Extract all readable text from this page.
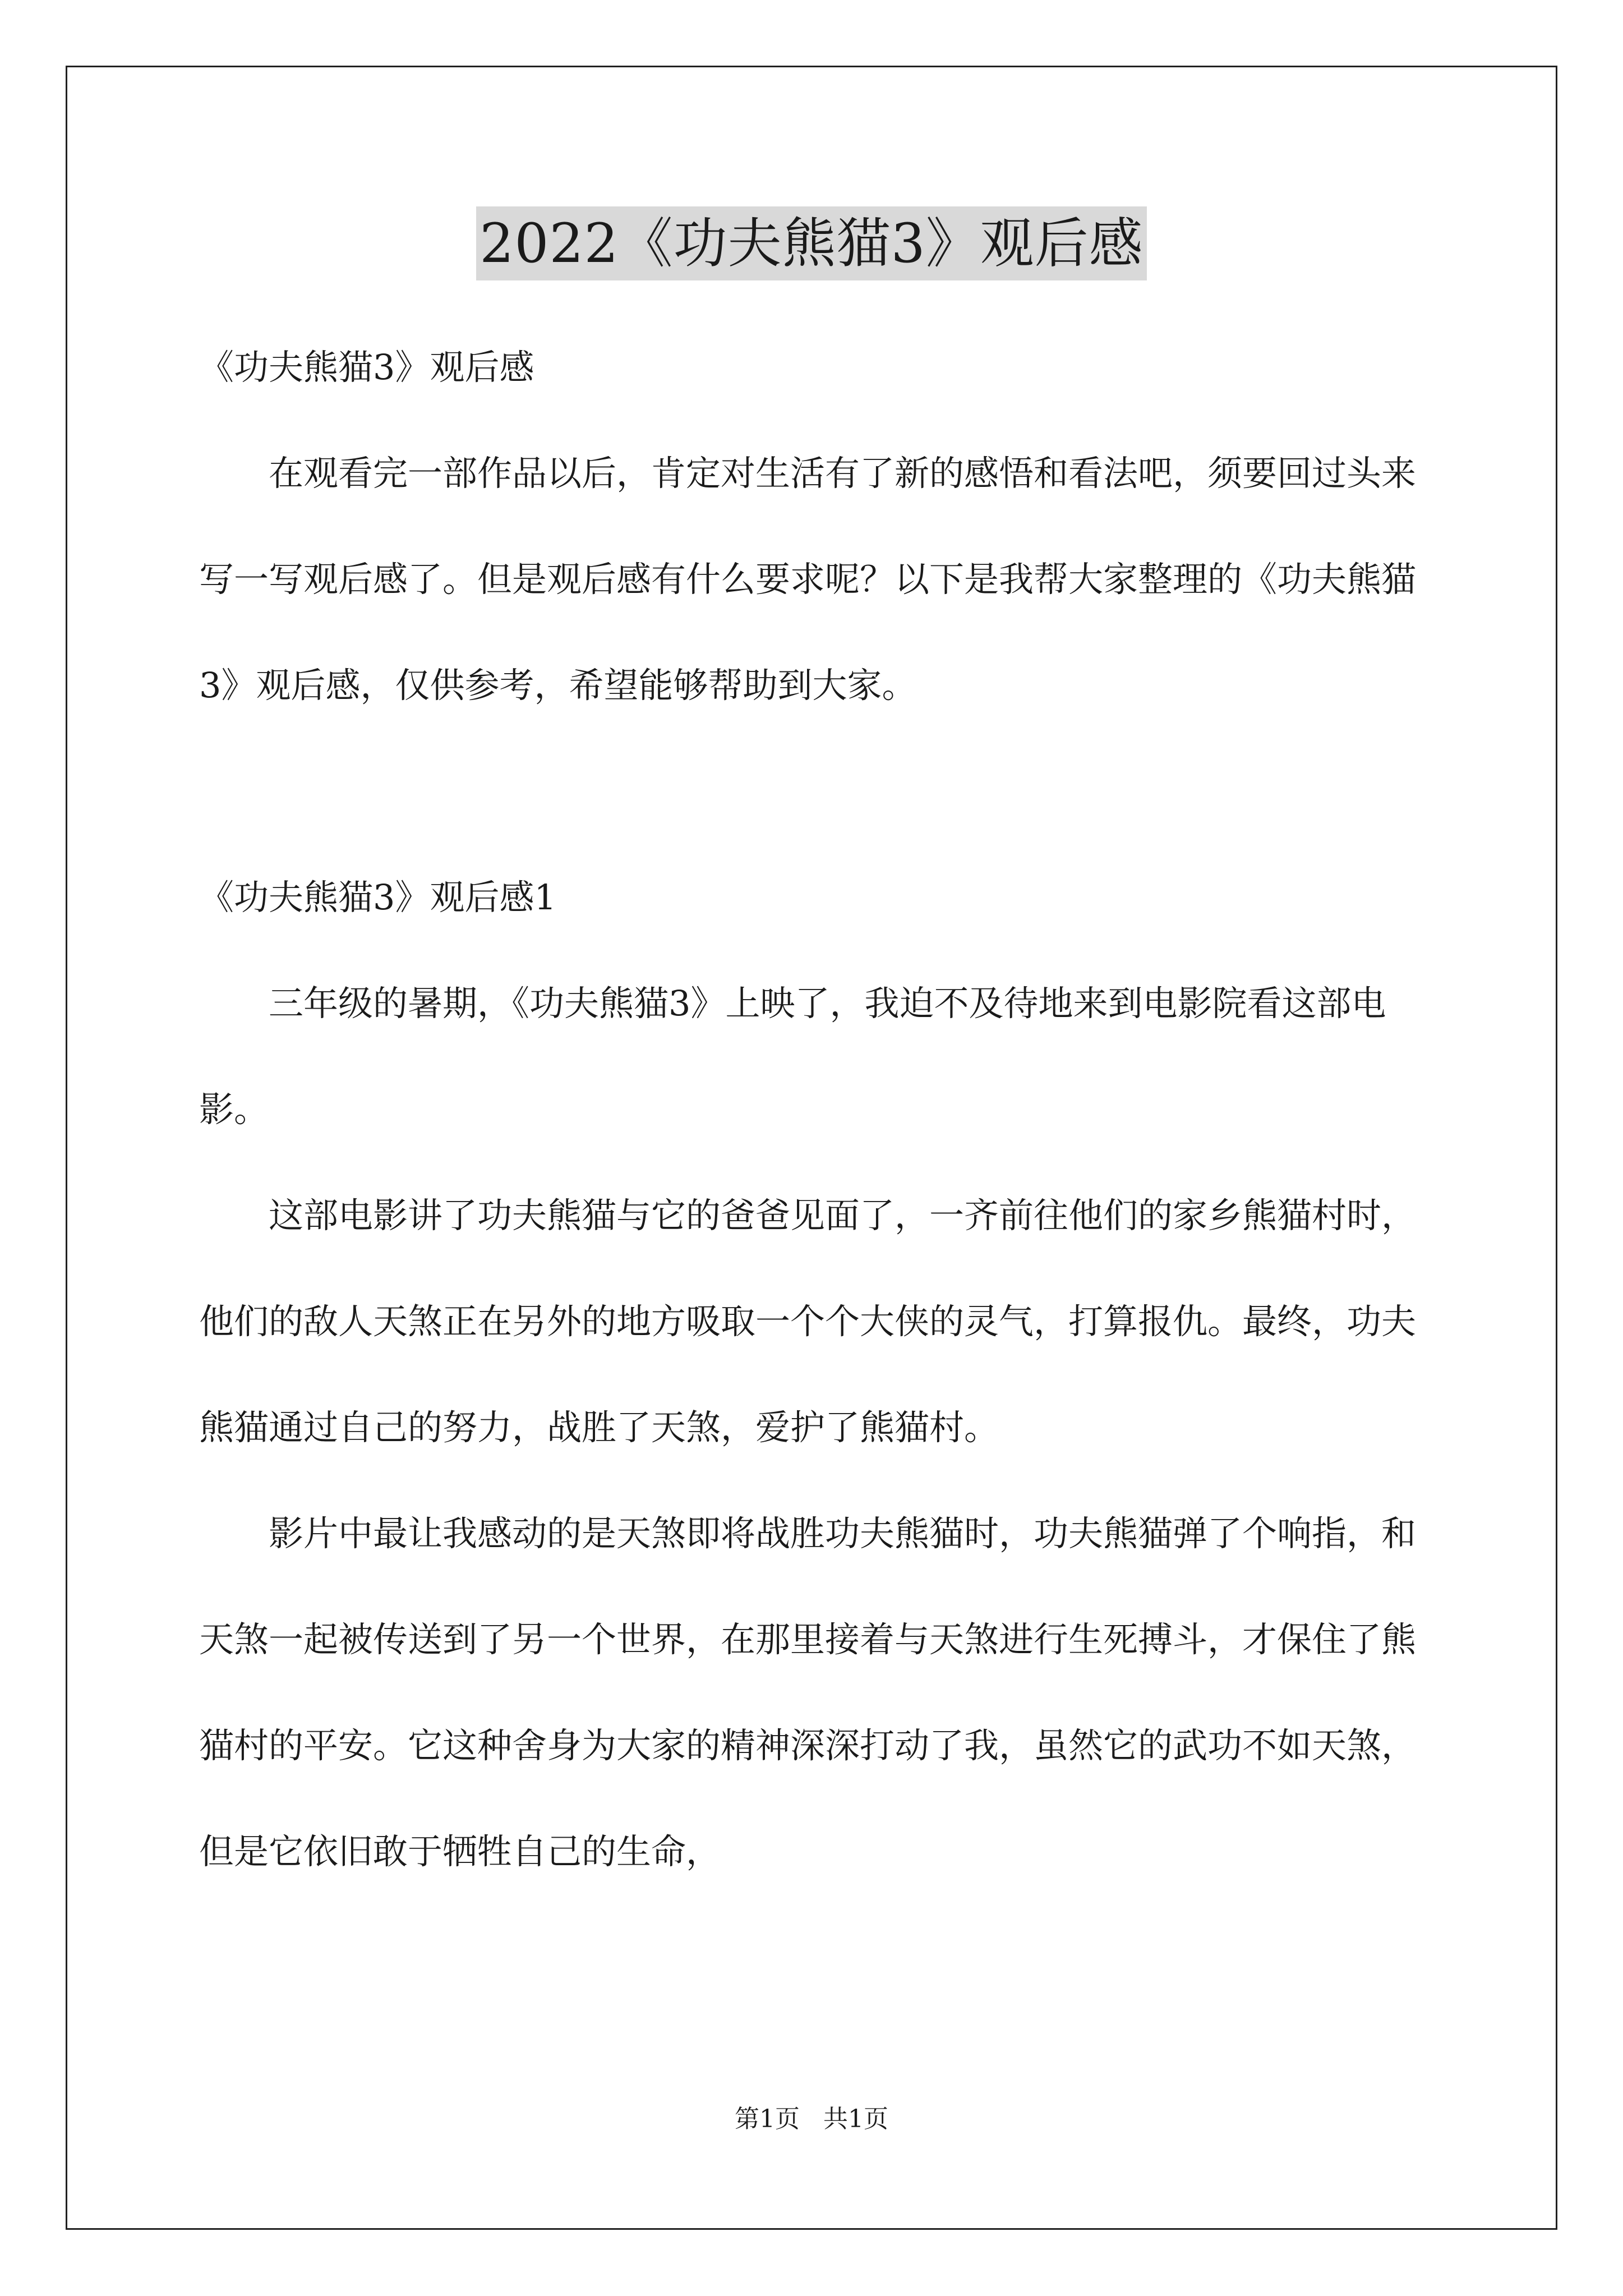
2022《功夫熊猫3》观后感

《功夫熊猫3》观后感

在观看完一部作品以后，肯定对生活有了新的感悟和看法吧，须要回过头来写一写观后感了。但是观后感有什么要求呢？以下是我帮大家整理的《功夫熊猫3》观后感，仅供参考，希望能够帮助到大家。

《功夫熊猫3》观后感1

三年级的暑期，《功夫熊猫3》上映了，我迫不及待地来到电影院看这部电影。

这部电影讲了功夫熊猫与它的爸爸见面了，一齐前往他们的家乡熊猫村时，他们的敌人天煞正在另外的地方吸取一个个大侠的灵气，打算报仇。最终，功夫熊猫通过自己的努力，战胜了天煞，爱护了熊猫村。

影片中最让我感动的是天煞即将战胜功夫熊猫时，功夫熊猫弹了个响指，和天煞一起被传送到了另一个世界，在那里接着与天煞进行生死搏斗，才保住了熊猫村的平安。它这种舍身为大家的精神深深打动了我，虽然它的武功不如天煞，但是它依旧敢于牺牲自己的生命，

第1页 共1页
